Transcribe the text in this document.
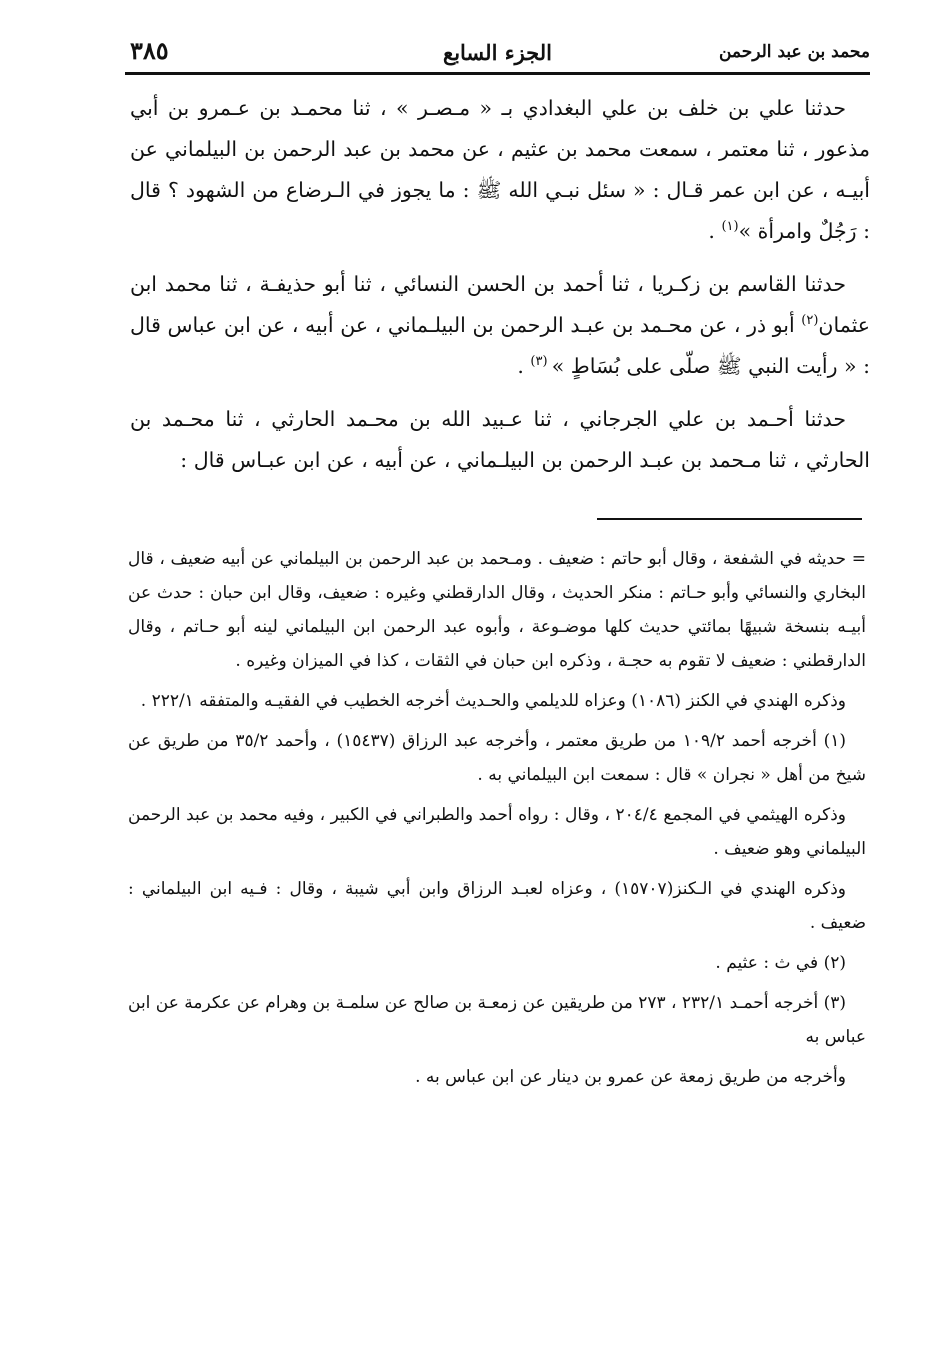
محمد بن عبد الرحمن
الجزء السابع
٣٨٥

حدثنا علي بن خلف بن علي البغدادي بـ « مـصـر » ، ثنا محمـد بن عـمرو بن أبي مذعور ، ثنا معتمر ، سمعت محمد بن عثيم ، عن محمد بن عبد الرحمن بن البيلماني عن أبيـه ، عن ابن عمر قـال : « سئل نبـي الله ﷺ : ما يجوز في الـرضاع من الشهود ؟ قال : رَجُلٌ وامرأة »$^{(١)}$ .

حدثنا القاسم بن زكـريا ، ثنا أحمد بن الحسن النسائي ، ثنا أبو حذيفـة ، ثنا محمد ابن عثمان$^{(٢)}$ أبو ذر ، عن محـمد بن عبـد الرحمن بن البيلـماني ، عن أبيه ، عن ابن عباس قال : « رأيت النبي ﷺ صلّى على بُسَاطٍ » $^{(٣)}$ .

حدثنا أحـمد بن علي الجرجاني ، ثنا عـبيد الله بن محـمد الحارثي ، ثنا محـمد بن الحارثي ، ثنا مـحمد بن عبـد الرحمن بن البيلـماني ، عن أبيه ، عن ابن عبـاس قال :

= حديثه في الشفعة ، وقال أبو حاتم : ضعيف . ومـحمد بن عبد الرحمن بن البيلماني عن أبيه ضعيف ، قال البخاري والنسائي وأبو حـاتم : منكر الحديث ، وقال الدارقطني وغيره : ضعيف، وقال ابن حبان : حدث عن أبيـه بنسخة شبيهًا بمائتي حديث كلها موضـوعة ، وأبوه عبد الرحمن ابن البيلماني لينه أبو حـاتم ، وقال الدارقطني : ضعيف لا تقوم به حجـة ، وذكره ابن حبان في الثقات ، كذا في الميزان وغيره .

وذكره الهندي في الكنز (١٠٨٦) وعزاه للديلمي والحـديث أخرجه الخطيب في الفقيـه والمتفقه ٢٢٢/١ .

(١) أخرجه أحمد ١٠٩/٢ من طريق معتمر ، وأخرجه عبد الرزاق (١٥٤٣٧) ، وأحمد ٣٥/٢ من طريق عن شيخ من أهل « نجران » قال : سمعت ابن البيلماني به .

وذكره الهيثمي في المجمع ٢٠٤/٤ ، وقال : رواه أحمد والطبراني في الكبير ، وفيه محمد بن عبد الرحمن البيلماني وهو ضعيف .

وذكره الهندي في الـكنز(١٥٧٠٧) ، وعزاه لعبـد الرزاق وابن أبي شيبة ، وقال : فـيه ابن البيلماني : ضعيف .

(٢) في ث : عثيم .

(٣) أخرجه أحمـد ٢٣٢/١ ، ٢٧٣ من طريقين عن زمعـة بن صالح عن سلمـة بن وهرام عن عكرمة عن ابن عباس به

وأخرجه من طريق زمعة عن عمرو بن دينار عن ابن عباس به .
